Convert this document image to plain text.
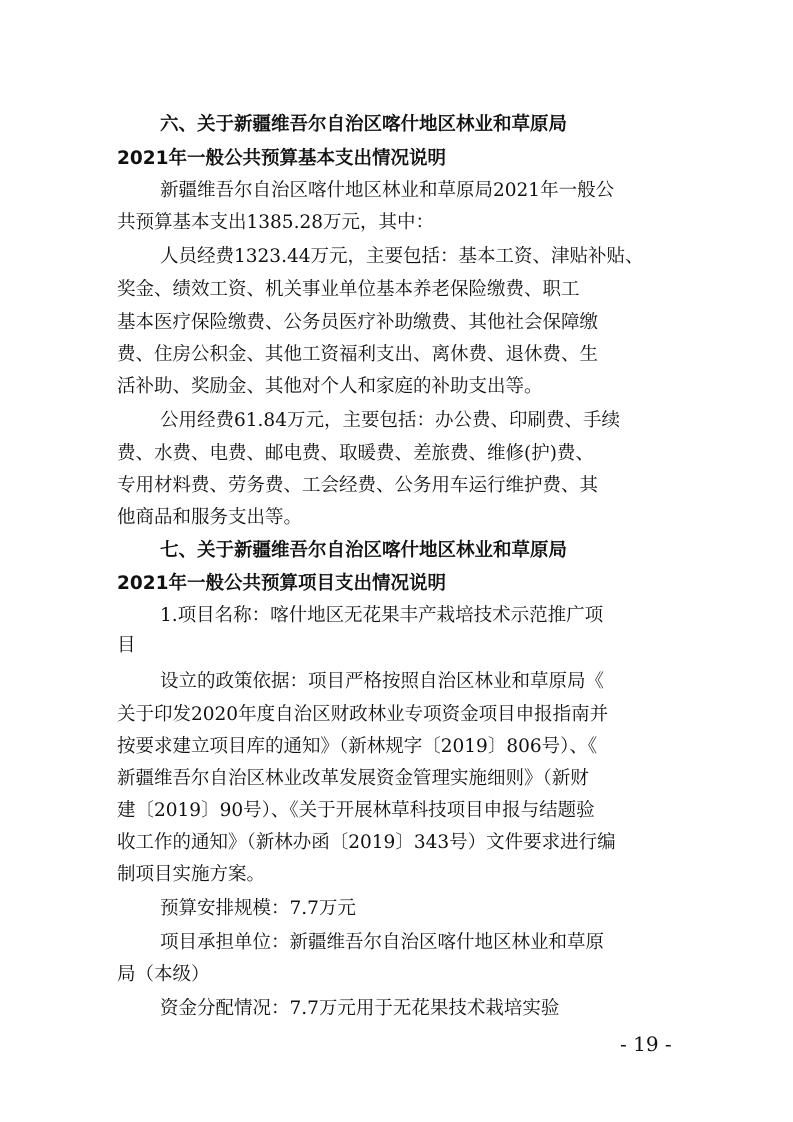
六、关于新疆维吾尔自治区喀什地区林业和草原局
2021年一般公共预算基本支出情况说明
新疆维吾尔自治区喀什地区林业和草原局2021年一般公
共预算基本支出1385.28万元，其中：
人员经费1323.44万元，主要包括：基本工资、津贴补贴、
奖金、绩效工资、机关事业单位基本养老保险缴费、职工
基本医疗保险缴费、公务员医疗补助缴费、其他社会保障缴
费、住房公积金、其他工资福利支出、离休费、退休费、生
活补助、奖励金、其他对个人和家庭的补助支出等。
公用经费61.84万元，主要包括：办公费、印刷费、手续
费、水费、电费、邮电费、取暖费、差旅费、维修(护)费、
专用材料费、劳务费、工会经费、公务用车运行维护费、其
他商品和服务支出等。
七、关于新疆维吾尔自治区喀什地区林业和草原局
2021年一般公共预算项目支出情况说明
1.项目名称：喀什地区无花果丰产栽培技术示范推广项
目
设立的政策依据：项目严格按照自治区林业和草原局《
关于印发2020年度自治区财政林业专项资金项目申报指南并
按要求建立项目库的通知》（新林规字〔2019〕806号）、《
新疆维吾尔自治区林业改革发展资金管理实施细则》（新财
建〔2019〕90号）、《关于开展林草科技项目申报与结题验
收工作的通知》（新林办函〔2019〕343号）文件要求进行编
制项目实施方案。
预算安排规模：7.7万元
项目承担单位：新疆维吾尔自治区喀什地区林业和草原
局（本级）
资金分配情况：7.7万元用于无花果技术栽培实验
- 19 -
